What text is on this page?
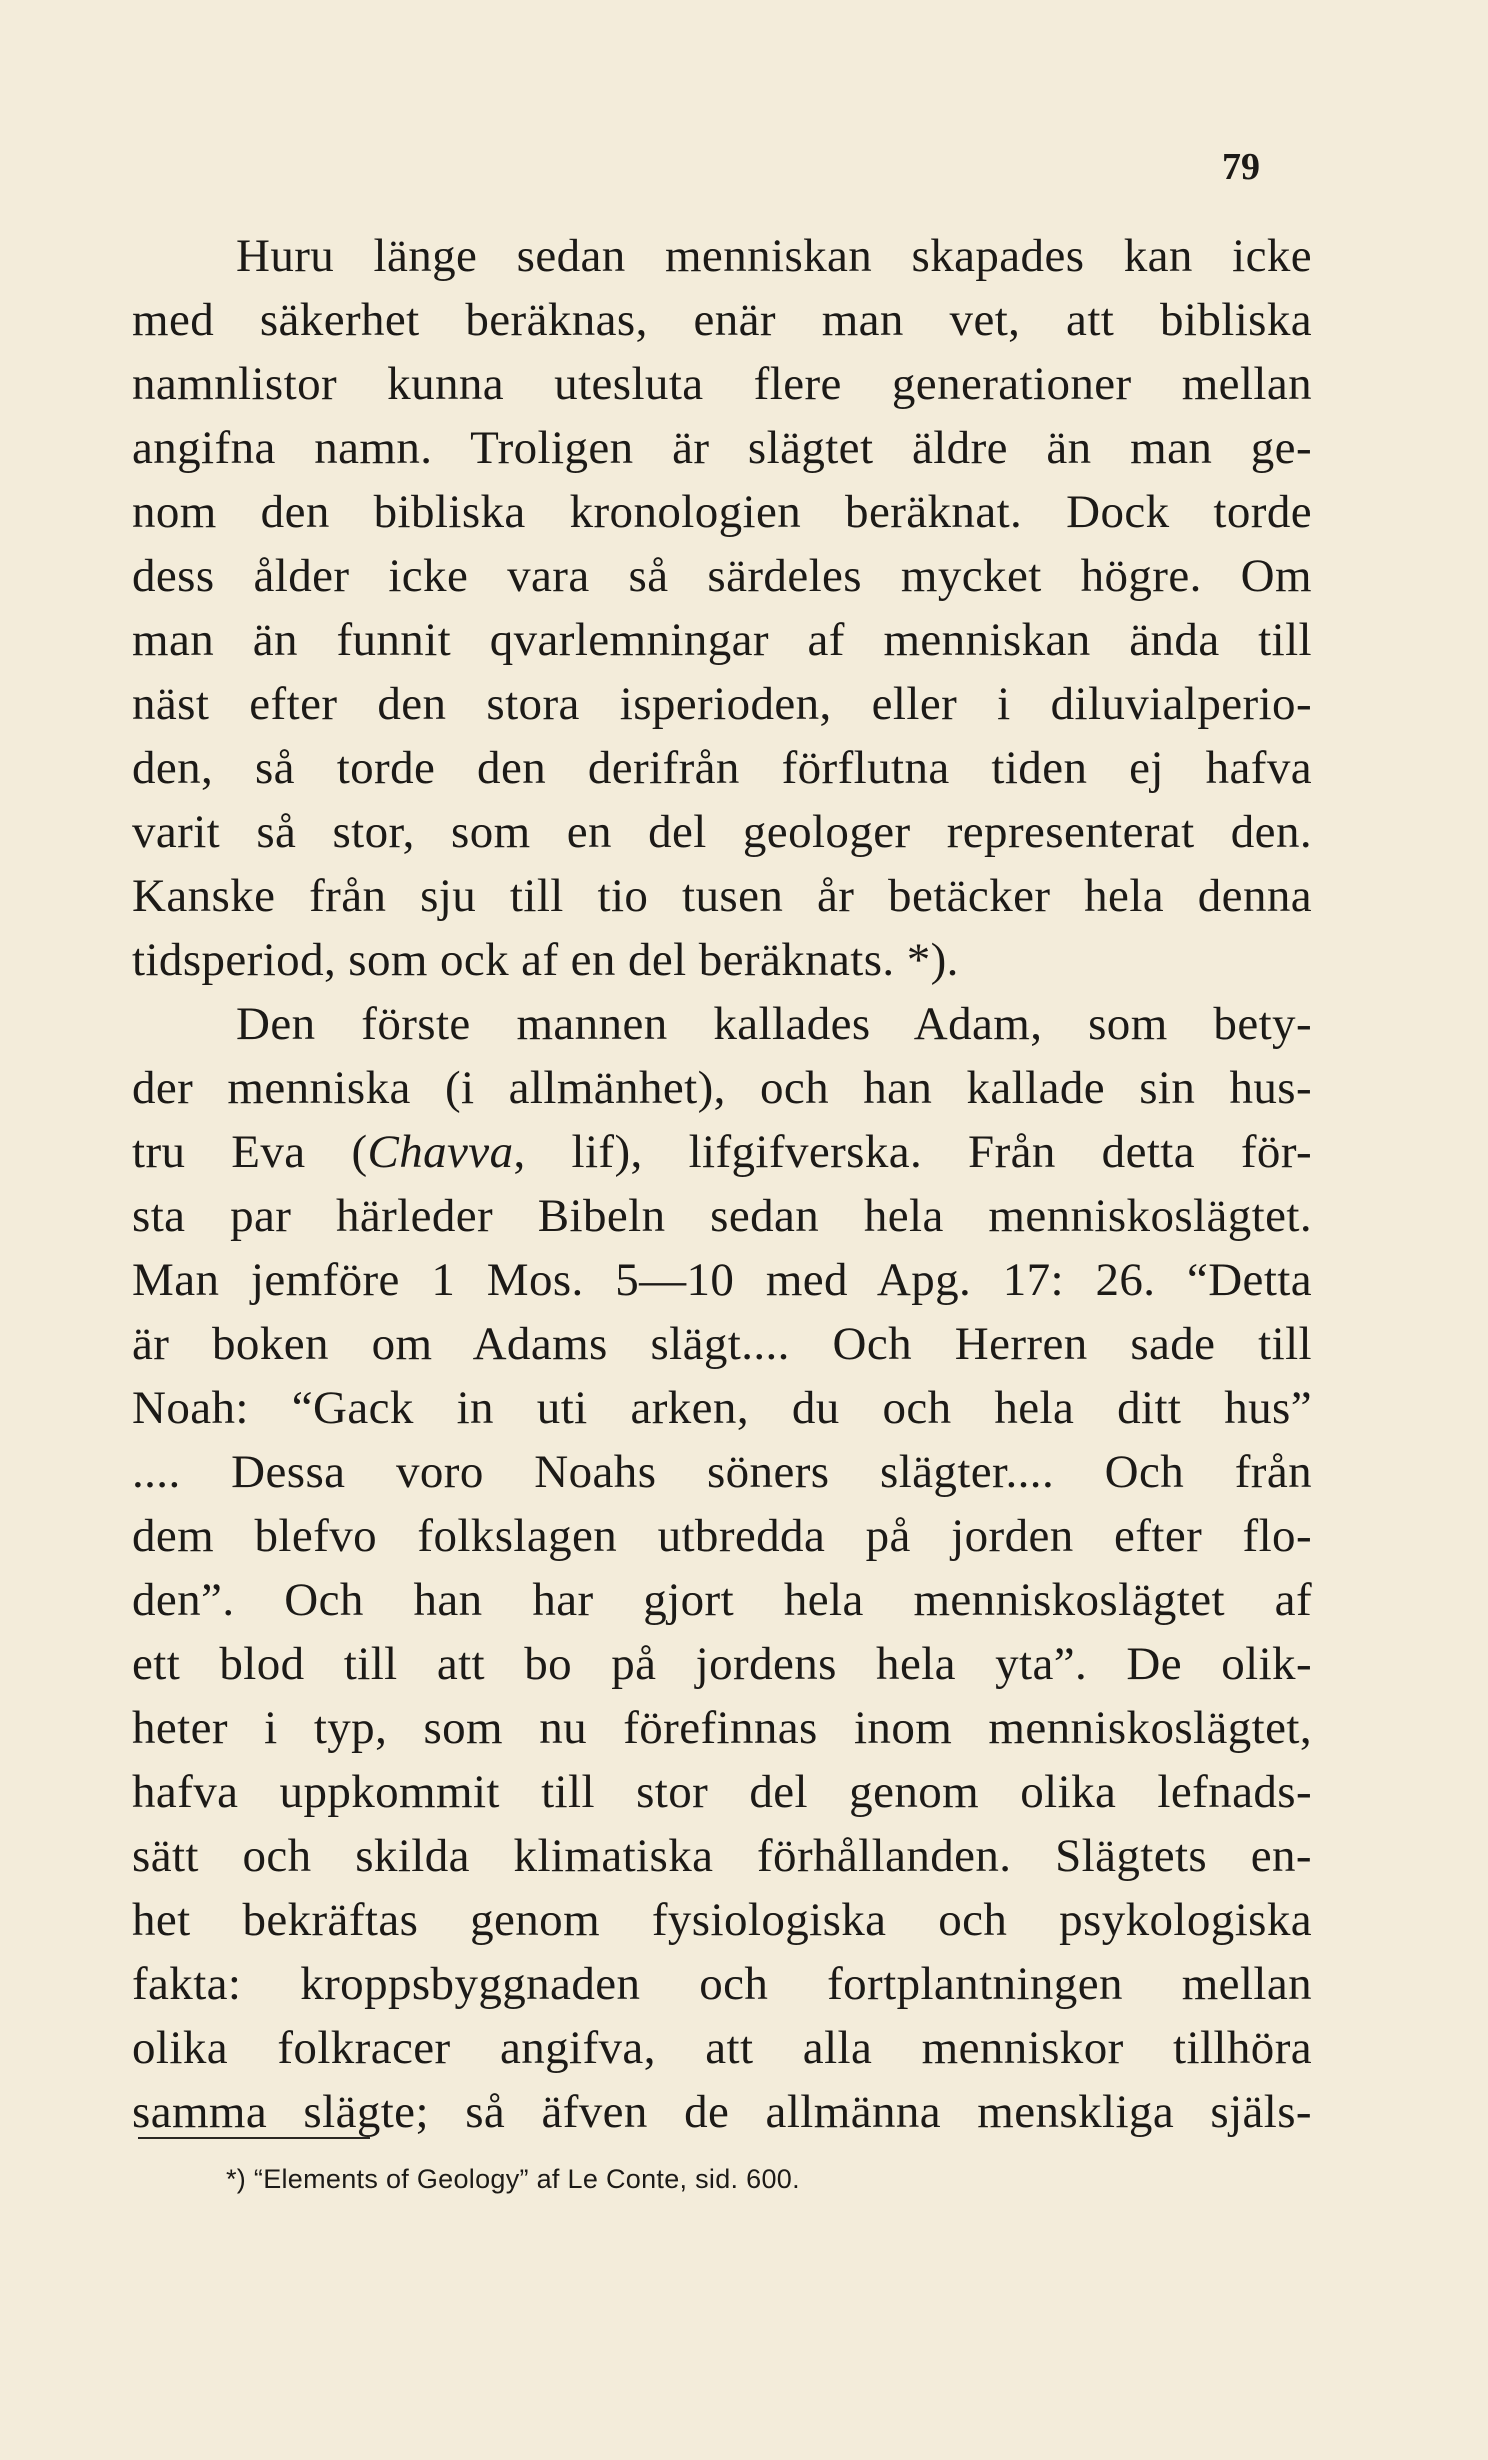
79
Huru länge sedan menniskan skapades kan icke
med säkerhet beräknas, enär man vet, att bibliska
namnlistor kunna utesluta flere generationer mellan
angifna namn. Troligen är slägtet äldre än man ge-
nom den bibliska kronologien beräknat. Dock torde
dess ålder icke vara så särdeles mycket högre. Om
man än funnit qvarlemningar af menniskan ända till
näst efter den stora isperioden, eller i diluvialperio-
den, så torde den derifrån förflutna tiden ej hafva
varit så stor, som en del geologer representerat den.
Kanske från sju till tio tusen år betäcker hela denna
tidsperiod, som ock af en del beräknats. *).
Den förste mannen kallades Adam, som bety-
der menniska (i allmänhet), och han kallade sin hus-
tru Eva (Chavva, lif), lifgifverska. Från detta för-
sta par härleder Bibeln sedan hela menniskoslägtet.
Man jemföre 1 Mos. 5—10 med Apg. 17: 26. “Detta
är boken om Adams slägt.... Och Herren sade till
Noah: “Gack in uti arken, du och hela ditt hus”
.... Dessa voro Noahs söners slägter.... Och från
dem blefvo folkslagen utbredda på jorden efter flo-
den”. Och han har gjort hela menniskoslägtet af
ett blod till att bo på jordens hela yta”. De olik-
heter i typ, som nu förefinnas inom menniskoslägtet,
hafva uppkommit till stor del genom olika lefnads-
sätt och skilda klimatiska förhållanden. Slägtets en-
het bekräftas genom fysiologiska och psykologiska
fakta: kroppsbyggnaden och fortplantningen mellan
olika folkracer angifva, att alla menniskor tillhöra
samma slägte; så äfven de allmänna menskliga själs-
*) “Elements of Geology” af Le Conte, sid. 600.
